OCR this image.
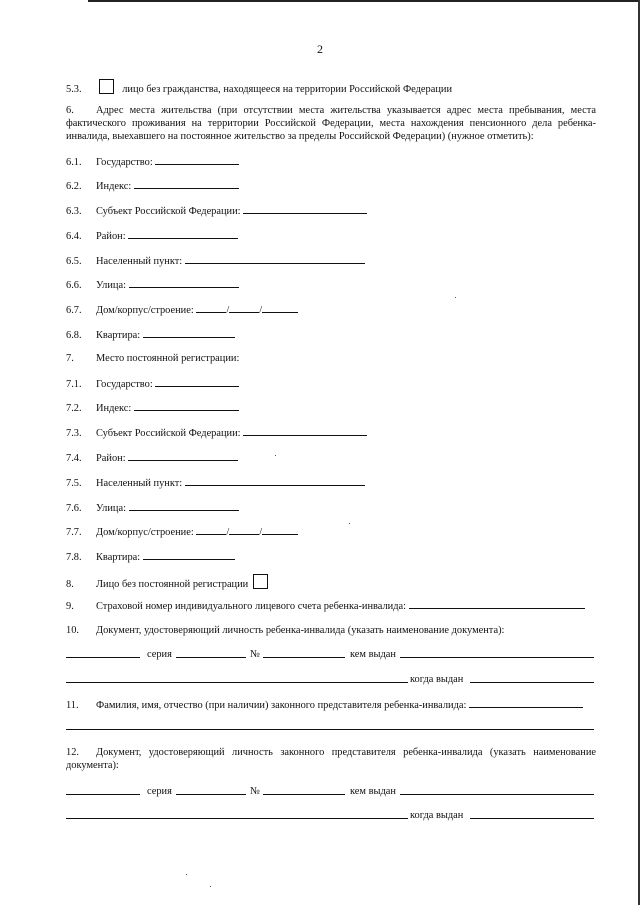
2
5.3.	лицо без гражданства, находящееся на территории Российской Федерации
6. Адрес места жительства (при отсутствии места жительства указывается адрес места пребывания, места фактического проживания на территории Российской Федерации, места нахождения пенсионного дела ребенка-инвалида, выехавшего на постоянное жительство за пределы Российской Федерации) (нужное отметить):
6.1. Государство:
6.2. Индекс:
6.3. Субъект Российской Федерации:
6.4. Район:
6.5. Населенный пункт:
6.6. Улица:
6.7. Дом/корпус/строение:	/	/
6.8. Квартира:
7. Место постоянной регистрации:
7.1. Государство:
7.2. Индекс:
7.3. Субъект Российской Федерации:
7.4. Район:
7.5. Населенный пункт:
7.6. Улица:
7.7. Дом/корпус/строение:	/	/
7.8. Квартира:
8. Лицо без постоянной регистрации
9. Страховой номер индивидуального лицевого счета ребенка-инвалида:
10. Документ, удостоверяющий личность ребенка-инвалида (указать наименование документа):
серия	№	кем выдан
когда выдан
11. Фамилия, имя, отчество (при наличии) законного представителя ребенка-инвалида:
12. Документ, удостоверяющий личность законного представителя ребенка-инвалида (указать наименование документа):
серия	№	кем выдан
когда выдан
